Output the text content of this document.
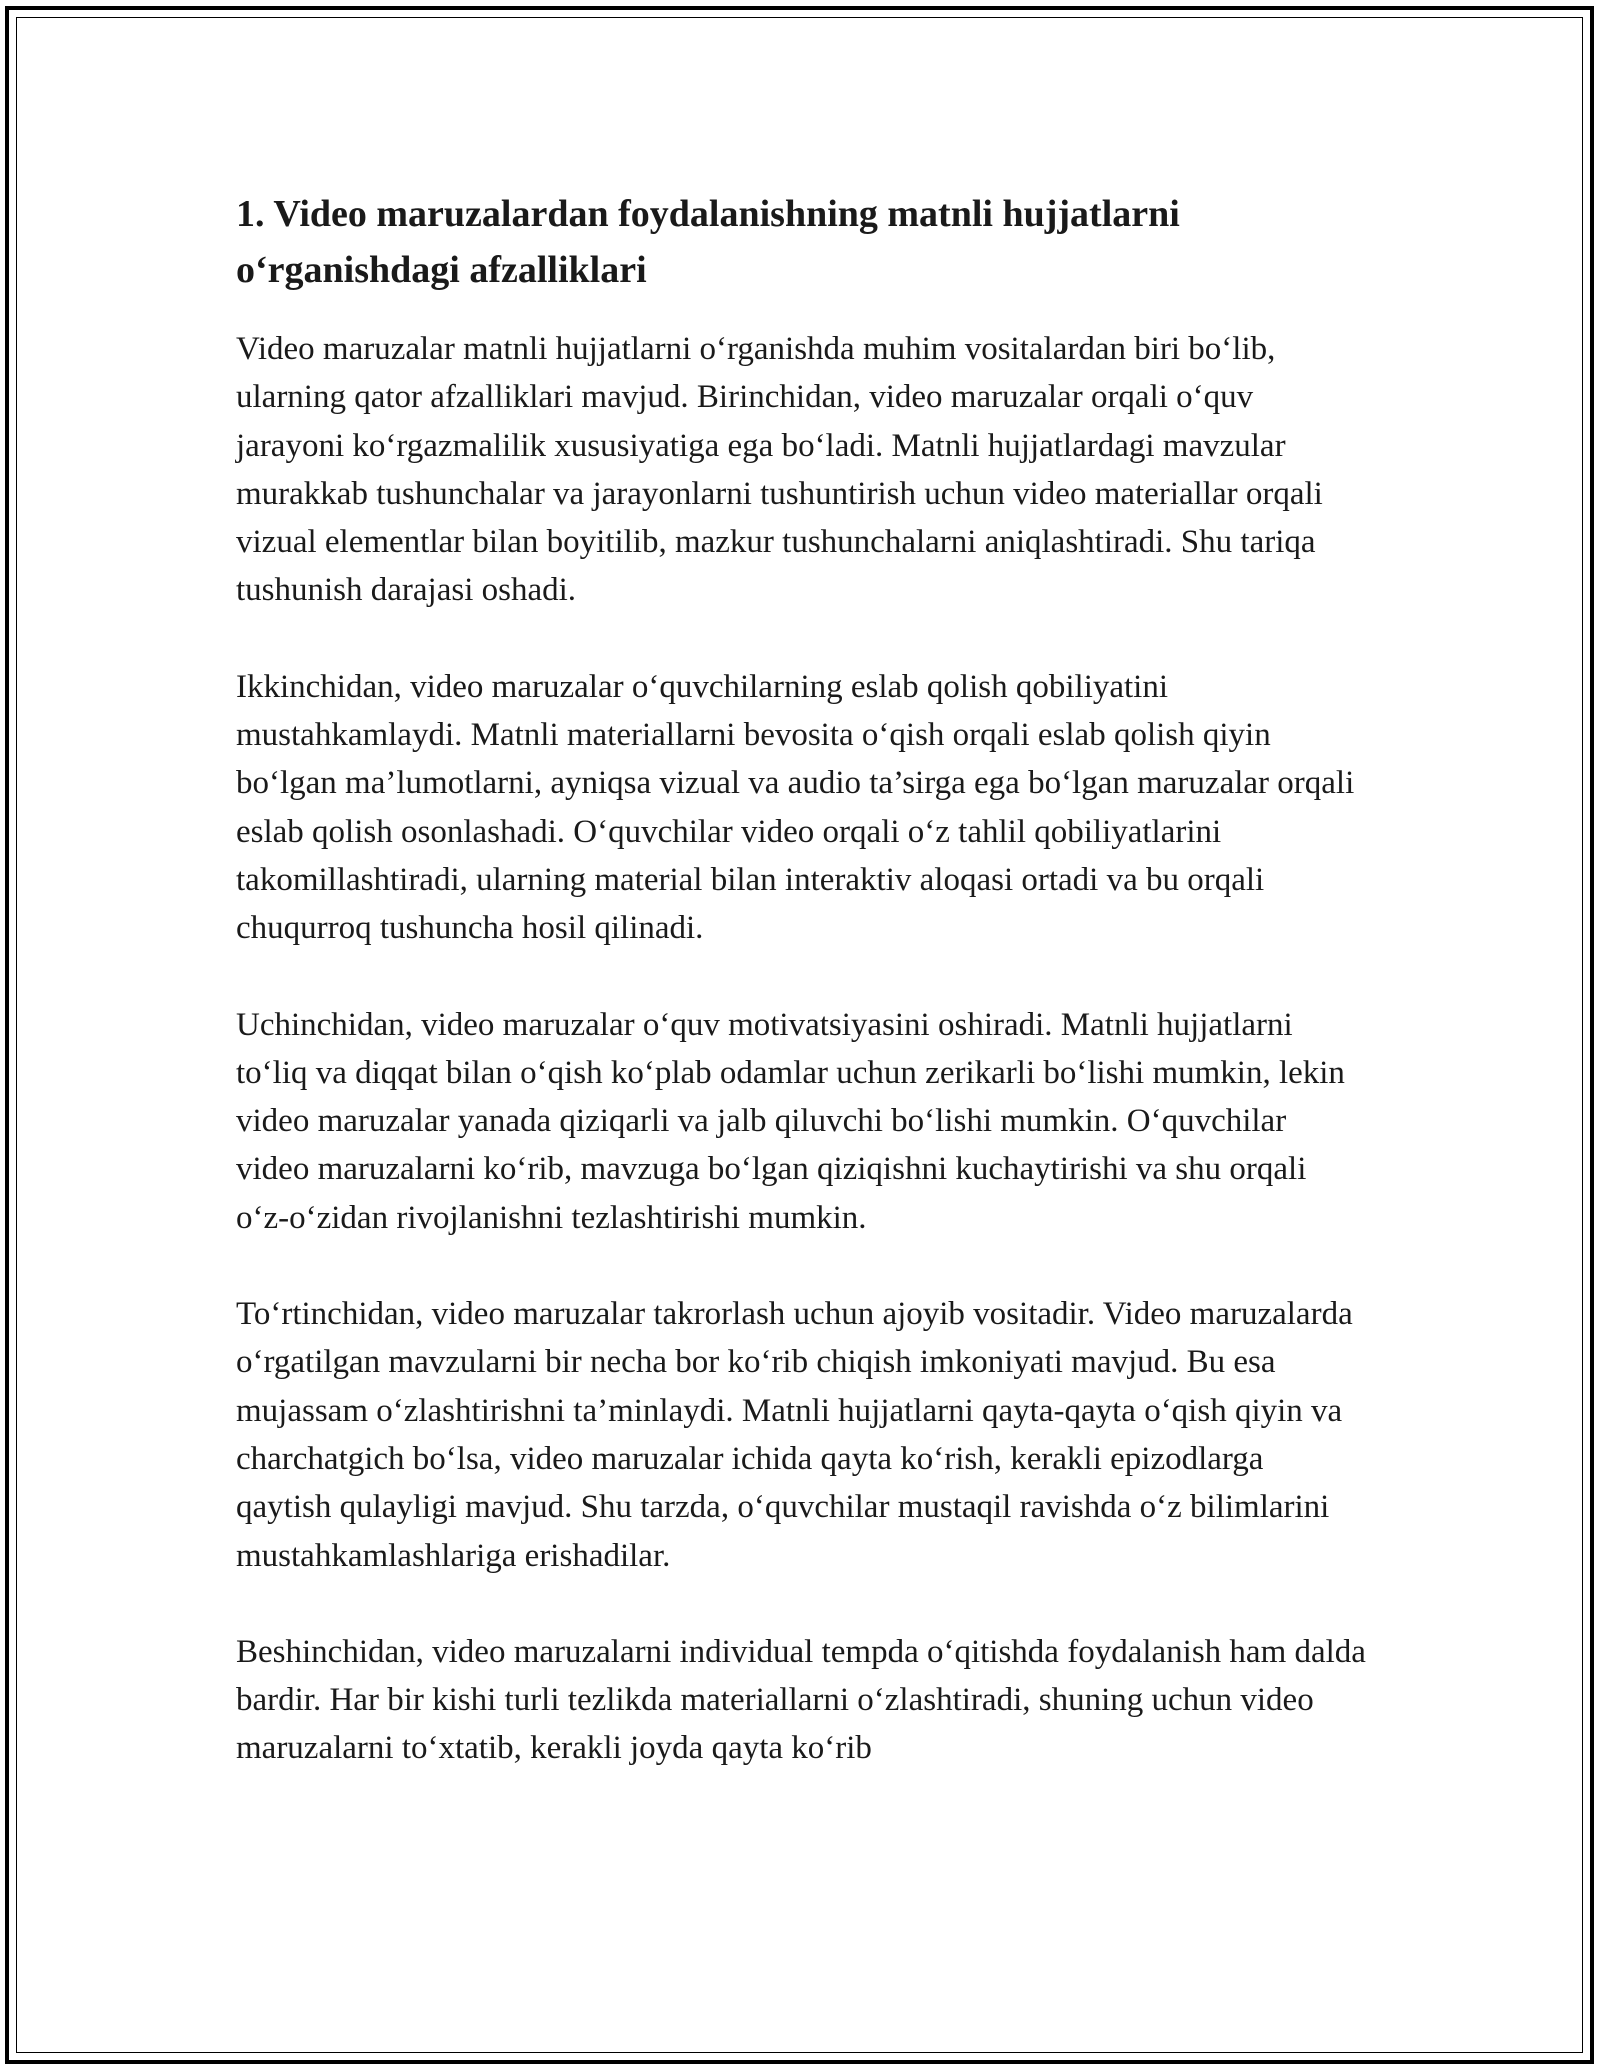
1. Video maruzalardan foydalanishning matnli hujjatlarni o‘rganishdagi afzalliklari

Video maruzalar matnli hujjatlarni o‘rganishda muhim vositalardan biri bo‘lib, ularning qator afzalliklari mavjud. Birinchidan, video maruzalar orqali o‘quv jarayoni ko‘rgazmalilik xususiyatiga ega bo‘ladi. Matnli hujjatlardagi mavzular murakkab tushunchalar va jarayonlarni tushuntirish uchun video materiallar orqali vizual elementlar bilan boyitilib, mazkur tushunchalarni aniqlashtiradi. Shu tariqa tushunish darajasi oshadi.

Ikkinchidan, video maruzalar o‘quvchilarning eslab qolish qobiliyatini mustahkamlaydi. Matnli materiallarni bevosita o‘qish orqali eslab qolish qiyin bo‘lgan ma’lumotlarni, ayniqsa vizual va audio ta’sirga ega bo‘lgan maruzalar orqali eslab qolish osonlashadi. O‘quvchilar video orqali o‘z tahlil qobiliyatlarini takomillashtiradi, ularning material bilan interaktiv aloqasi ortadi va bu orqali chuqurroq tushuncha hosil qilinadi.

Uchinchidan, video maruzalar o‘quv motivatsiyasini oshiradi. Matnli hujjatlarni to‘liq va diqqat bilan o‘qish ko‘plab odamlar uchun zerikarli bo‘lishi mumkin, lekin video maruzalar yanada qiziqarli va jalb qiluvchi bo‘lishi mumkin. O‘quvchilar video maruzalarni ko‘rib, mavzuga bo‘lgan qiziqishni kuchaytirishi va shu orqali o‘z-o‘zidan rivojlanishni tezlashtirishi mumkin.

To‘rtinchidan, video maruzalar takrorlash uchun ajoyib vositadir. Video maruzalarda o‘rgatilgan mavzularni bir necha bor ko‘rib chiqish imkoniyati mavjud. Bu esa mujassam o‘zlashtirishni ta’minlaydi. Matnli hujjatlarni qayta-qayta o‘qish qiyin va charchatgich bo‘lsa, video maruzalar ichida qayta ko‘rish, kerakli epizodlarga qaytish qulayligi mavjud. Shu tarzda, o‘quvchilar mustaqil ravishda o‘z bilimlarini mustahkamlashlariga erishadilar.

Beshinchidan, video maruzalarni individual tempda o‘qitishda foydalanish ham dalda bardir. Har bir kishi turli tezlikda materiallarni o‘zlashtiradi, shuning uchun video maruzalarni to‘xtatib, kerakli joyda qayta ko‘rib
